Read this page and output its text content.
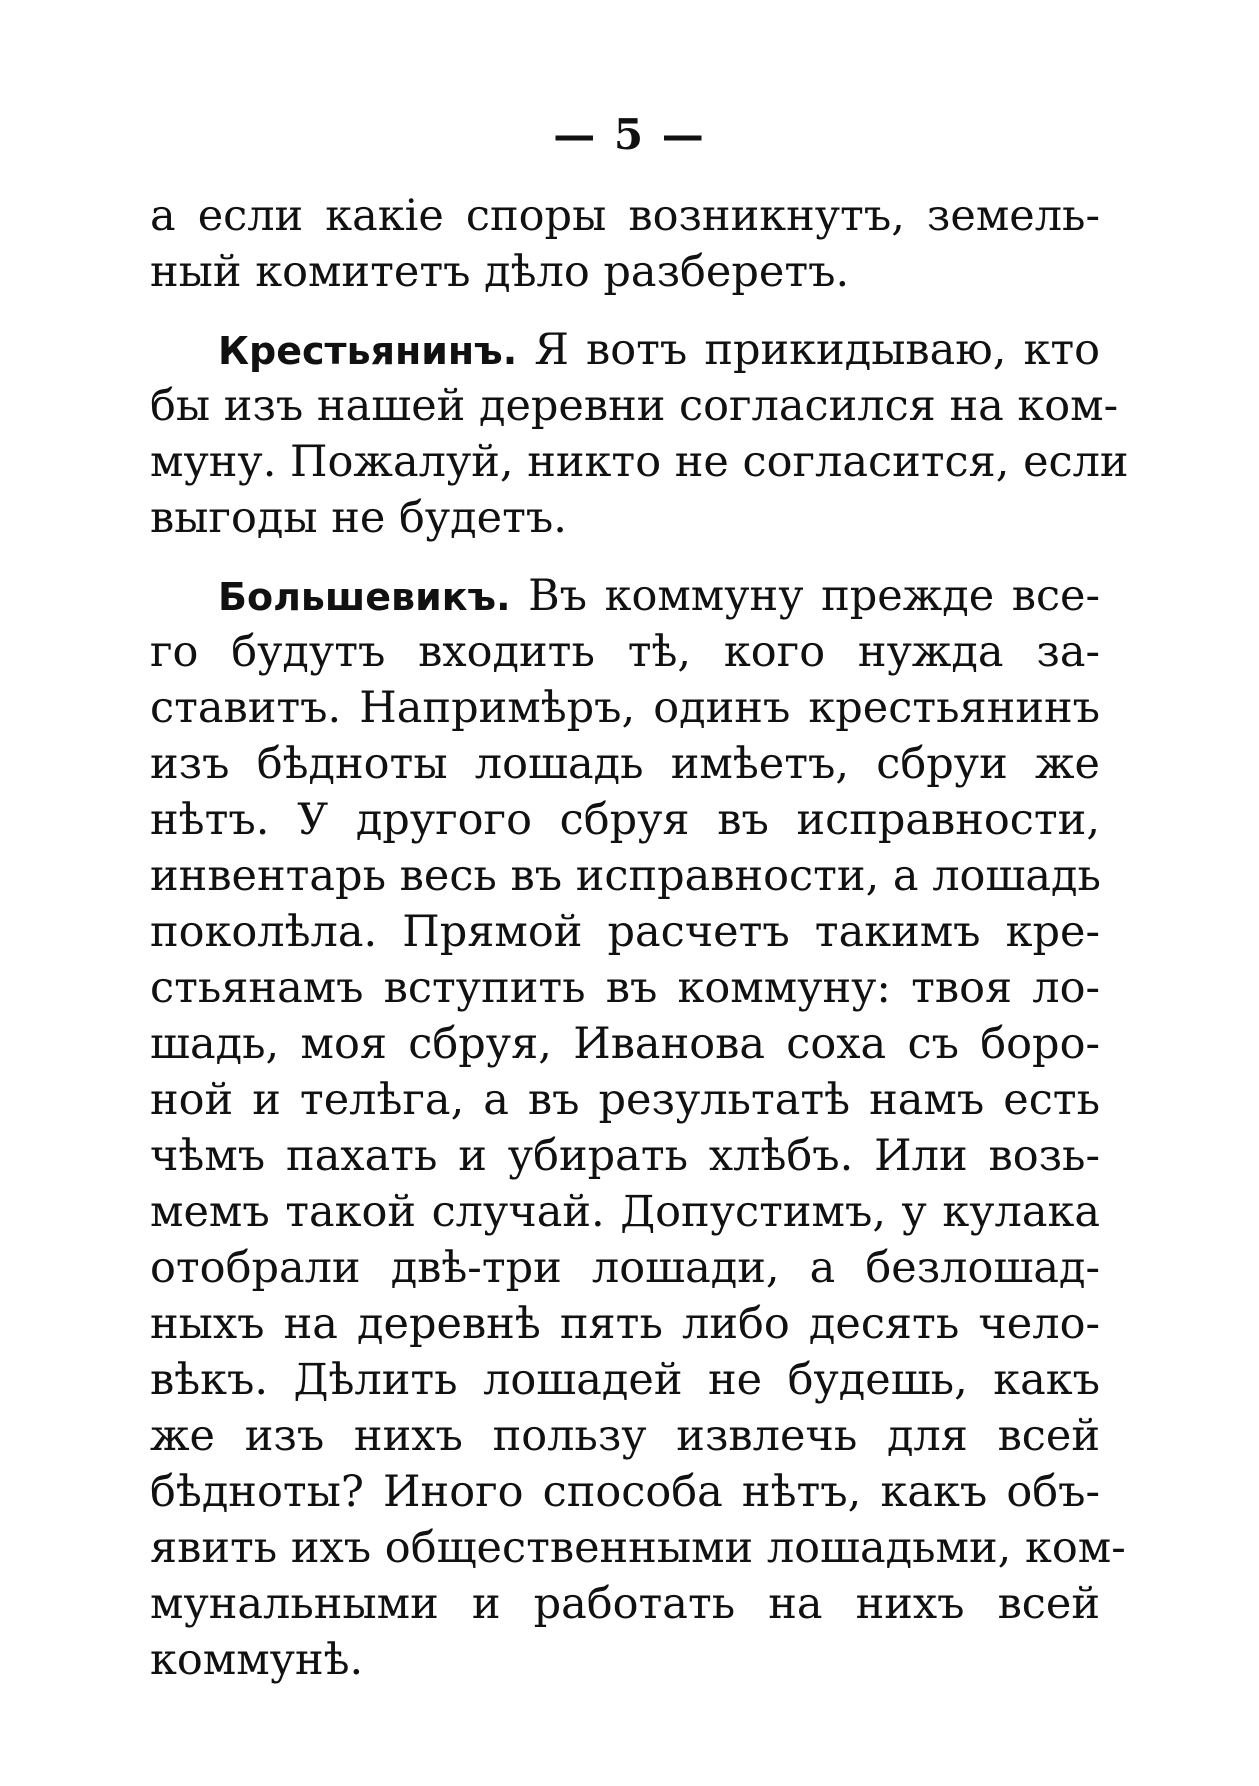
— 5 —
а если какie споры возникнутъ, земель-
ный комитетъ дѣло разберетъ.
Крестьянинъ. Я вотъ прикидываю, кто
бы изъ нашей деревни согласился на ком-
муну. Пожалуй, никто не согласится, если
выгоды не будетъ.
Большевикъ. Въ коммуну прежде все-
го будутъ входить тѣ, кого нужда за-
ставитъ. Напримѣръ, одинъ крестьянинъ
изъ бѣдноты лошадь имѣетъ, сбруи же
нѣтъ. У другого сбруя въ исправности,
инвентарь весь въ исправности, а лошадь
поколѣла. Прямой расчетъ такимъ кре-
стьянамъ вступить въ коммуну: твоя ло-
шадь, моя сбруя, Иванова соха съ боро-
ной и телѣга, а въ результатѣ намъ есть
чѣмъ пахать и убирать хлѣбъ. Или возь-
мемъ такой случай. Допустимъ, у кулака
отобрали двѣ-три лошади, а безлошад-
ныхъ на деревнѣ пять либо десять чело-
вѣкъ. Дѣлить лошадей не будешь, какъ
же изъ нихъ пользу извлечь для всей
бѣдноты? Иного способа нѣтъ, какъ объ-
явить ихъ общественными лошадьми, ком-
мунальными и работать на нихъ всей
коммунѣ.
